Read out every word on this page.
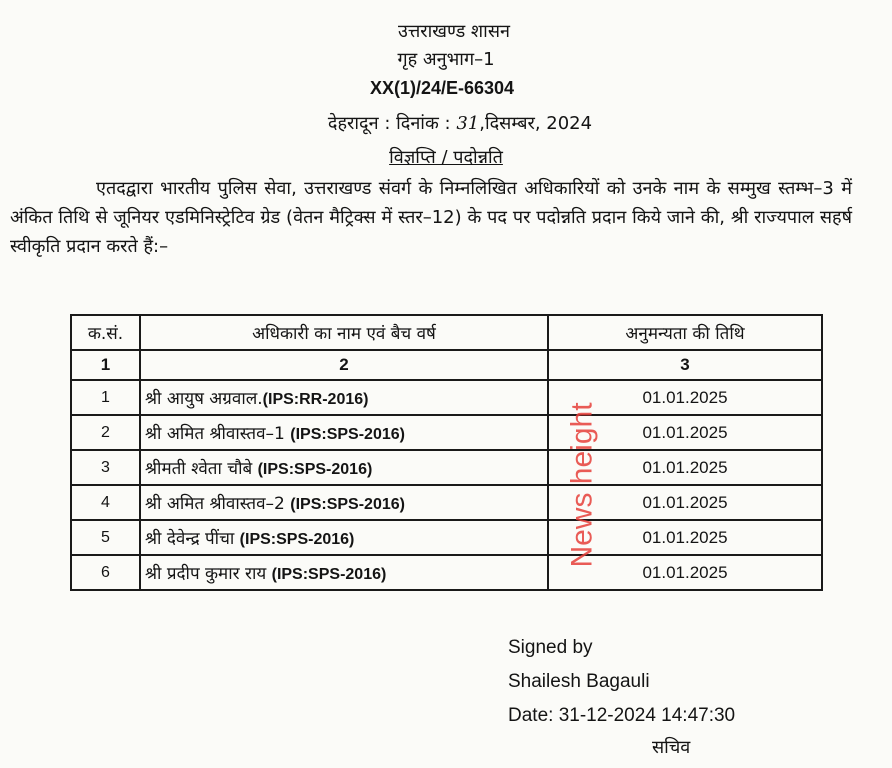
उत्तराखण्ड शासन
गृह अनुभाग–1
XX(1)/24/E-66304
देहरादून : दिनांक : 31,दिसम्बर, 2024
विज्ञप्ति / पदोन्नति
एतदद्वारा भारतीय पुलिस सेवा, उत्तराखण्ड संवर्ग के निम्नलिखित अधिकारियों को उनके नाम के सम्मुख स्तम्भ–3 में अंकित तिथि से जूनियर एडमिनिस्ट्रेटिव ग्रेड (वेतन मैट्रिक्स में स्तर–12) के पद पर पदोन्नति प्रदान किये जाने की, श्री राज्यपाल सहर्ष स्वीकृति प्रदान करते हैं:–
क.सं.	अधिकारी का नाम एवं बैच वर्ष	अनुमन्यता की तिथि
1	2	3
1	श्री आयुष अग्रवाल.(IPS:RR-2016)	01.01.2025
2	श्री अमित श्रीवास्तव–1 (IPS:SPS-2016)	01.01.2025
3	श्रीमती श्वेता चौबे (IPS:SPS-2016)	01.01.2025
4	श्री अमित श्रीवास्तव–2 (IPS:SPS-2016)	01.01.2025
5	श्री देवेन्द्र पींचा (IPS:SPS-2016)	01.01.2025
6	श्री प्रदीप कुमार राय (IPS:SPS-2016)	01.01.2025
News height
Signed by
Shailesh Bagauli
Date: 31-12-2024 14:47:30
सचिव
